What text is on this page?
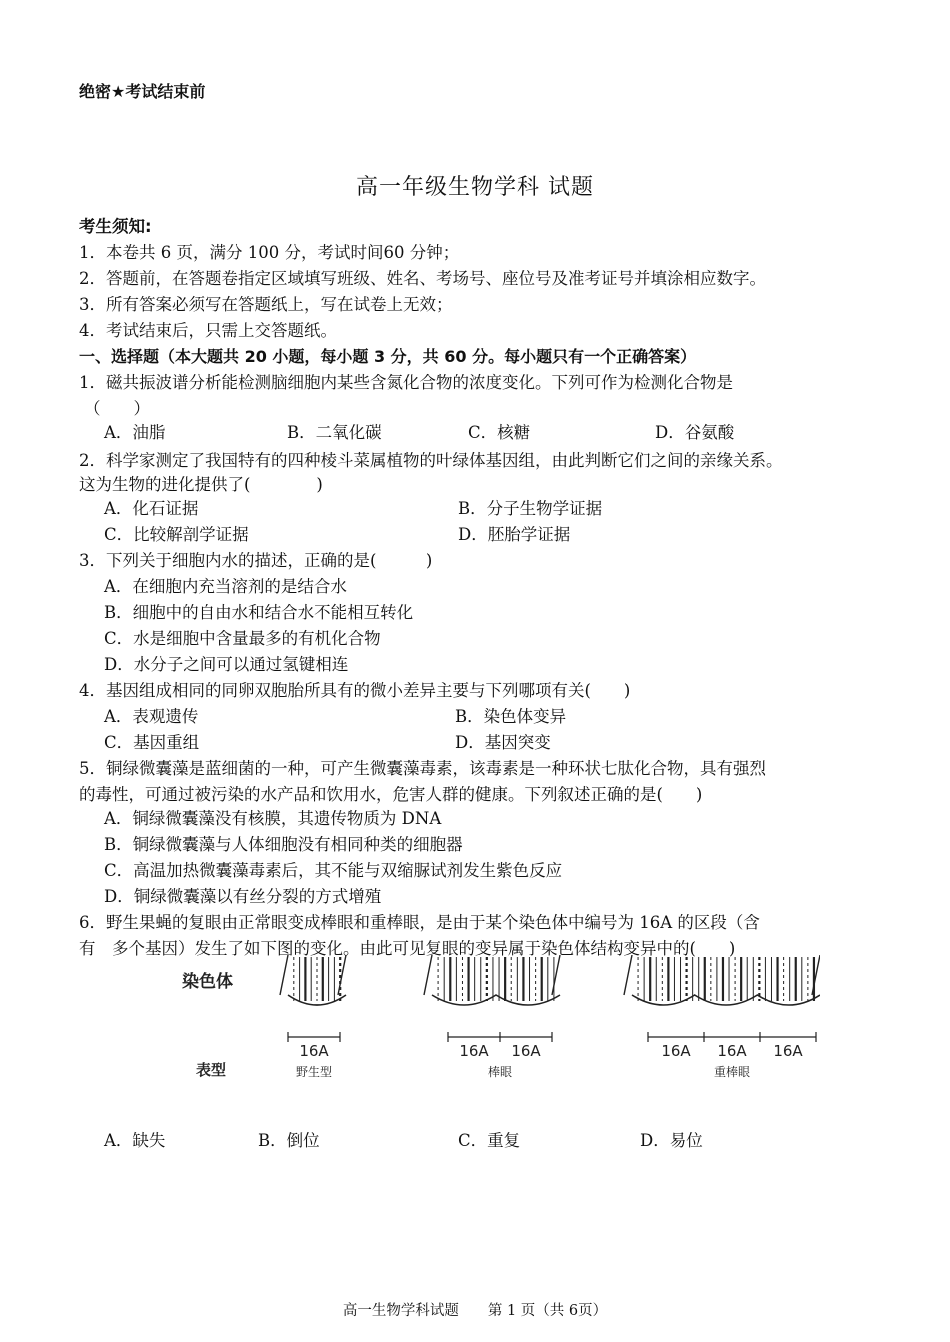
绝密★考试结束前
高一年级生物学科 试题
考生须知:
1．本卷共 6 页，满分 100 分，考试时间60 分钟；
2．答题前，在答题卷指定区域填写班级、姓名、考场号、座位号及准考证号并填涂相应数字。
3．所有答案必须写在答题纸上，写在试卷上无效；
4．考试结束后，只需上交答题纸。
一、选择题（本大题共 20 小题，每小题 3 分，共 60 分。每小题只有一个正确答案）
1．磁共振波谱分析能检测脑细胞内某些含氮化合物的浓度变化。下列可作为检测化合物是
（　　）
A．油脂	B．二氧化碳	C．核糖	D．谷氨酸
2．科学家测定了我国特有的四种棱斗菜属植物的叶绿体基因组，由此判断它们之间的亲缘关系。
这为生物的进化提供了(　　　　)
A．化石证据	B．分子生物学证据
C．比较解剖学证据	D．胚胎学证据
3．下列关于细胞内水的描述，正确的是(　　　)
A．在细胞内充当溶剂的是结合水
B．细胞中的自由水和结合水不能相互转化
C．水是细胞中含量最多的有机化合物
D．水分子之间可以通过氢键相连
4．基因组成相同的同卵双胞胎所具有的微小差异主要与下列哪项有关(　　)
A．表观遗传	B．染色体变异
C．基因重组	D．基因突变
5．铜绿微囊藻是蓝细菌的一种，可产生微囊藻毒素，该毒素是一种环状七肽化合物，具有强烈
的毒性，可通过被污染的水产品和饮用水，危害人群的健康。下列叙述正确的是(　　)
A．铜绿微囊藻没有核膜，其遗传物质为 DNA
B．铜绿微囊藻与人体细胞没有相同种类的细胞器
C．高温加热微囊藻毒素后，其不能与双缩脲试剂发生紫色反应
D．铜绿微囊藻以有丝分裂的方式增殖
6．野生果蝇的复眼由正常眼变成棒眼和重棒眼，是由于某个染色体中编号为 16A 的区段（含
有　多个基因）发生了如下图的变化。由此可见复眼的变异属于染色体结构变异中的(　　)
染色体
表型
16A
野生型
16A 16A
棒眼
16A 16A 16A
重棒眼
A．缺失	B．倒位	C．重复	D．易位
高一生物学科试题　　第 1 页（共 6页）
